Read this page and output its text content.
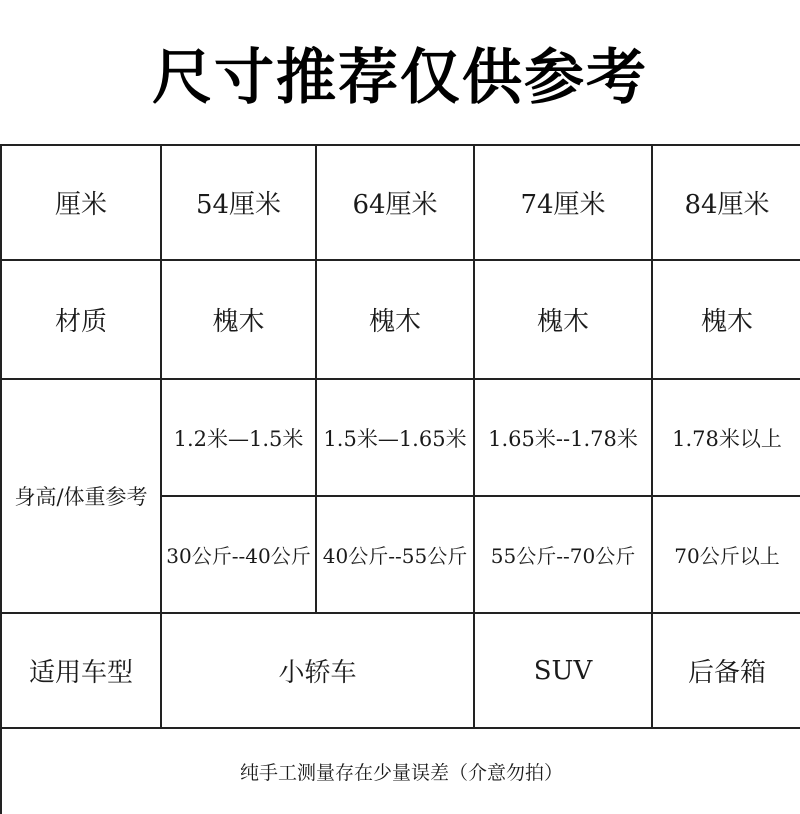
尺寸推荐仅供参考
厘米	54厘米	64厘米	74厘米	84厘米
材质	槐木	槐木	槐木	槐木
身高/体重参考	1.2米—1.5米	1.5米—1.65米	1.65米--1.78米	1.78米以上
	30公斤--40公斤	40公斤--55公斤	55公斤--70公斤	70公斤以上
适用车型	小轿车		SUV	后备箱
纯手工测量存在少量误差（介意勿拍）				
